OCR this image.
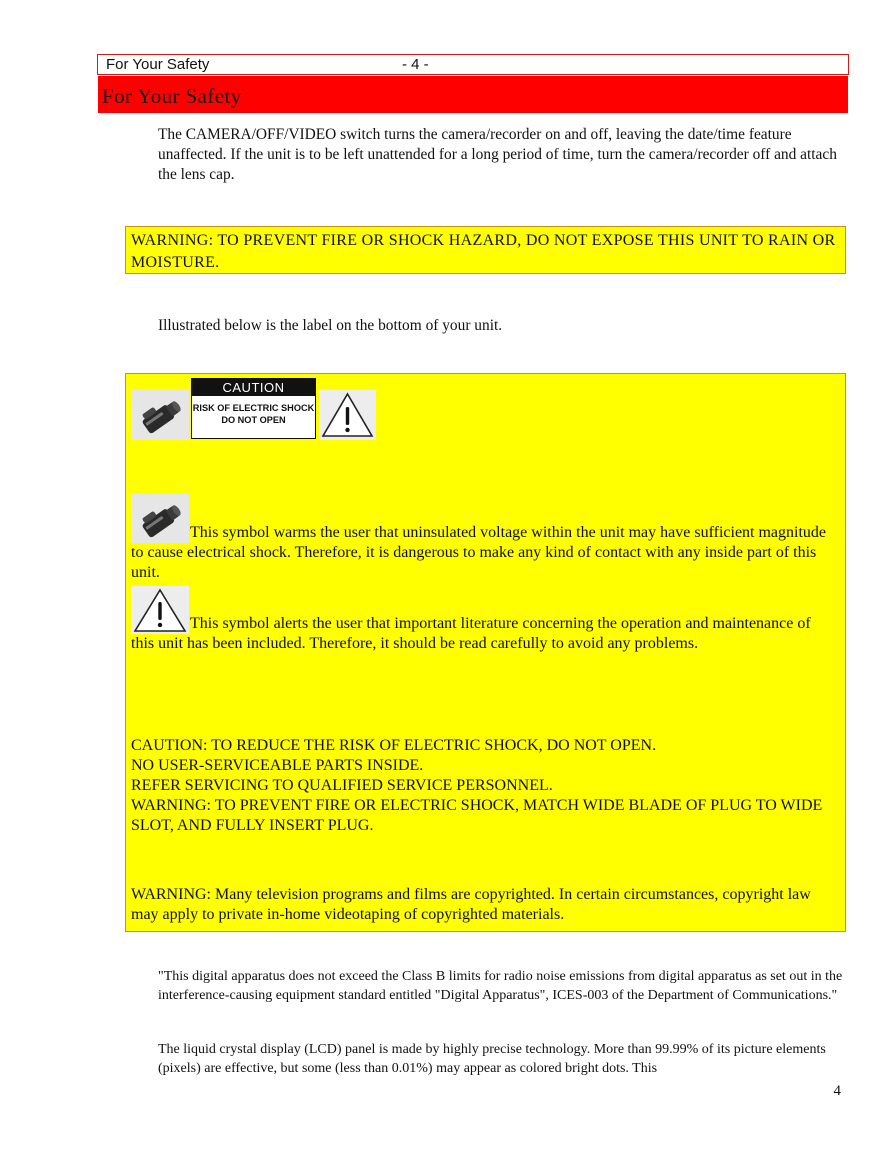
For Your Safety	- 4 -
For Your Safety
The CAMERA/OFF/VIDEO switch turns the camera/recorder on and off, leaving the date/time feature unaffected. If the unit is to be left unattended for a long period of time, turn the camera/recorder off and attach the lens cap.
WARNING: TO PREVENT FIRE OR SHOCK HAZARD, DO NOT EXPOSE THIS UNIT TO RAIN OR MOISTURE.
Illustrated below is the label on the bottom of your unit.
CAUTION
RISK OF ELECTRIC SHOCK
DO NOT OPEN
This symbol warms the user that uninsulated voltage within the unit may have sufficient magnitude to cause electrical shock. Therefore, it is dangerous to make any kind of contact with any inside part of this unit.
This symbol alerts the user that important literature concerning the operation and maintenance of this unit has been included. Therefore, it should be read carefully to avoid any problems.
CAUTION: TO REDUCE THE RISK OF ELECTRIC SHOCK, DO NOT OPEN.
NO USER-SERVICEABLE PARTS INSIDE.
REFER SERVICING TO QUALIFIED SERVICE PERSONNEL.
WARNING: TO PREVENT FIRE OR ELECTRIC SHOCK, MATCH WIDE BLADE OF PLUG TO WIDE SLOT, AND FULLY INSERT PLUG.
WARNING: Many television programs and films are copyrighted. In certain circumstances, copyright law may apply to private in-home videotaping of copyrighted materials.
"This digital apparatus does not exceed the Class B limits for radio noise emissions from digital apparatus as set out in the interference-causing equipment standard entitled "Digital Apparatus", ICES-003 of the Department of Communications."
The liquid crystal display (LCD) panel is made by highly precise technology. More than 99.99% of its picture elements (pixels) are effective, but some (less than 0.01%) may appear as colored bright dots. This
4
